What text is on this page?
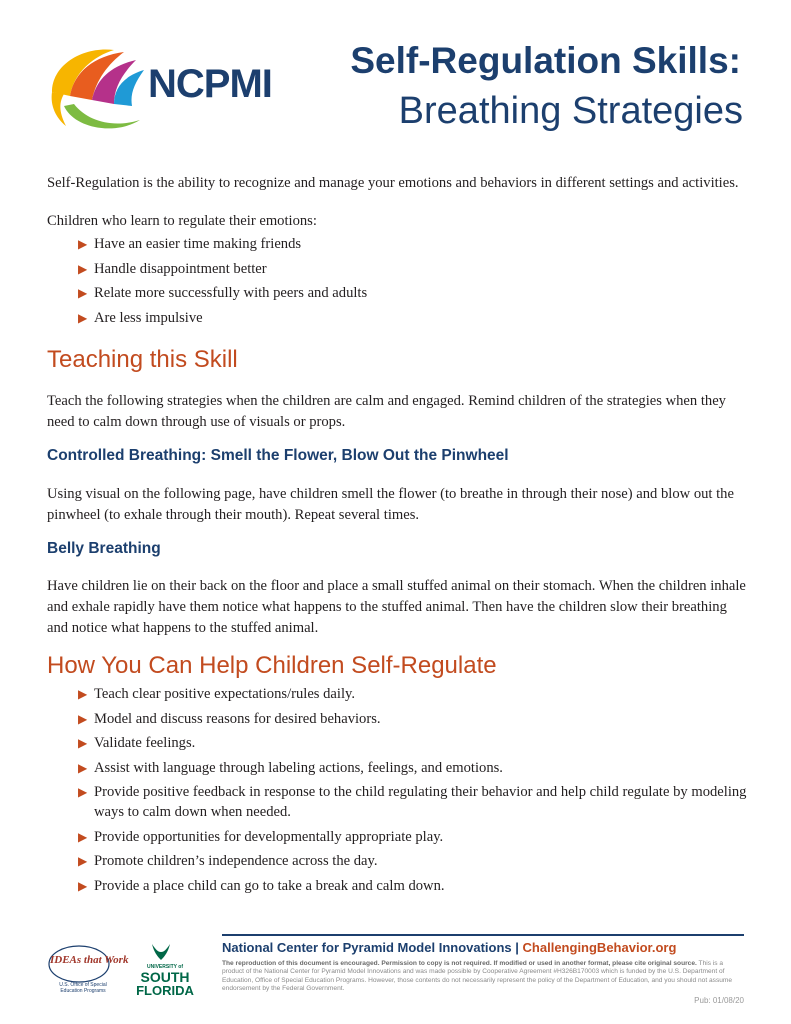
NCPMI
Self-Regulation Skills:
Breathing Strategies
Self-Regulation is the ability to recognize and manage your emotions and behaviors in different settings and activities.
Children who learn to regulate their emotions:
▶ Have an easier time making friends
▶ Handle disappointment better
▶ Relate more successfully with peers and adults
▶ Are less impulsive
Teaching this Skill
Teach the following strategies when the children are calm and engaged. Remind children of the strategies when they need to calm down through use of visuals or props.
Controlled Breathing: Smell the Flower, Blow Out the Pinwheel
Using visual on the following page, have children smell the flower (to breathe in through their nose) and blow out the pinwheel (to exhale through their mouth). Repeat several times.
Belly Breathing
Have children lie on their back on the floor and place a small stuffed animal on their stomach. When the children inhale and exhale rapidly have them notice what happens to the stuffed animal. Then have the children slow their breathing and notice what happens to the stuffed animal.
How You Can Help Children Self-Regulate
▶ Teach clear positive expectations/rules daily.
▶ Model and discuss reasons for desired behaviors.
▶ Validate feelings.
▶ Assist with language through labeling actions, feelings, and emotions.
▶ Provide positive feedback in response to the child regulating their behavior and help child regulate by modeling ways to calm down when needed.
▶ Provide opportunities for developmentally appropriate play.
▶ Promote children’s independence across the day.
▶ Provide a place child can go to take a break and calm down.
IDEAs that Work
U.S. Office of Special Education Programs
UNIVERSITY of
SOUTH
FLORIDA
National Center for Pyramid Model Innovations | ChallengingBehavior.org
The reproduction of this document is encouraged. Permission to copy is not required. If modified or used in another format, please cite original source. This is a product of the National Center for Pyramid Model Innovations and was made possible by Cooperative Agreement #H326B170003 which is funded by the U.S. Department of Education, Office of Special Education Programs. However, those contents do not necessarily represent the policy of the Department of Education, and you should not assume endorsement by the Federal Government.
Pub: 01/08/20
